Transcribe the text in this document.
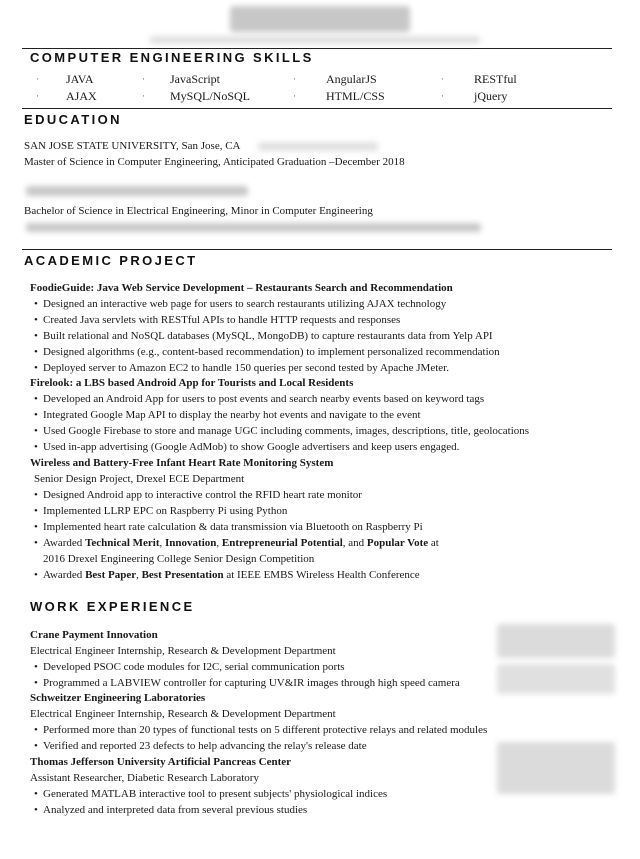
COMPUTER ENGINEERING SKILLS
·	·	·	·
JAVA	JavaScript	AngularJS	RESTful
·	·	·	·
AJAX	MySQL/NoSQL	HTML/CSS	jQuery
EDUCATION
SAN JOSE STATE UNIVERSITY, San Jose, CA
Master of Science in Computer Engineering, Anticipated Graduation –December 2018
Bachelor of Science in Electrical Engineering, Minor in Computer Engineering
ACADEMIC PROJECT
FoodieGuide: Java Web Service Development – Restaurants Search and Recommendation
• Designed an interactive web page for users to search restaurants utilizing AJAX technology
• Created Java servlets with RESTful APIs to handle HTTP requests and responses
• Built relational and NoSQL databases (MySQL, MongoDB) to capture restaurants data from Yelp API
• Designed algorithms (e.g., content-based recommendation) to implement personalized recommendation
• Deployed server to Amazon EC2 to handle 150 queries per second tested by Apache JMeter.
Firelook: a LBS based Android App for Tourists and Local Residents
• Developed an Android App for users to post events and search nearby events based on keyword tags
• Integrated Google Map API to display the nearby hot events and navigate to the event
• Used Google Firebase to store and manage UGC including comments, images, descriptions, title, geolocations
• Used in-app advertising (Google AdMob) to show Google advertisers and keep users engaged.
Wireless and Battery-Free Infant Heart Rate Monitoring System
Senior Design Project, Drexel ECE Department
• Designed Android app to interactive control the RFID heart rate monitor
• Implemented LLRP EPC on Raspberry Pi using Python
• Implemented heart rate calculation & data transmission via Bluetooth on Raspberry Pi
• Awarded Technical Merit, Innovation, Entrepreneurial Potential, and Popular Vote at
2016 Drexel Engineering College Senior Design Competition
• Awarded Best Paper, Best Presentation at IEEE EMBS Wireless Health Conference
WORK EXPERIENCE
Crane Payment Innovation
Electrical Engineer Internship, Research & Development Department
• Developed PSOC code modules for I2C, serial communication ports
• Programmed a LABVIEW controller for capturing UV&IR images through high speed camera
Schweitzer Engineering Laboratories
Electrical Engineer Internship, Research & Development Department
• Performed more than 20 types of functional tests on 5 different protective relays and related modules
• Verified and reported 23 defects to help advancing the relay's release date
Thomas Jefferson University Artificial Pancreas Center
Assistant Researcher, Diabetic Research Laboratory
• Generated MATLAB interactive tool to present subjects' physiological indices
• Analyzed and interpreted data from several previous studies
